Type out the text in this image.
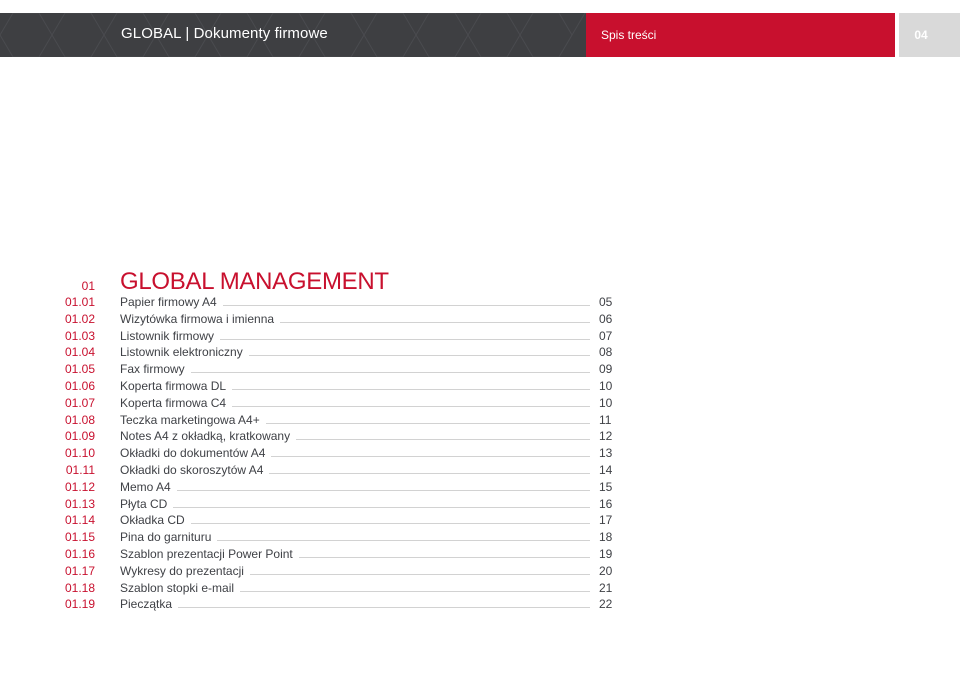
GLOBAL | Dokumenty firmowe	Spis treści	04
01 GLOBAL MANAGEMENT
01.01 Papier firmowy A4	05
01.02 Wizytówka firmowa i imienna	06
01.03 Listownik firmowy	07
01.04 Listownik elektroniczny	08
01.05 Fax firmowy	09
01.06 Koperta firmowa DL	10
01.07 Koperta firmowa C4	10
01.08 Teczka marketingowa A4+	11
01.09 Notes A4 z okładką, kratkowany	12
01.10 Okładki do dokumentów A4	13
01.11 Okładki do skoroszytów A4	14
01.12 Memo A4	15
01.13 Płyta CD	16
01.14 Okładka CD	17
01.15 Pina do garnituru	18
01.16 Szablon prezentacji Power Point	19
01.17 Wykresy do prezentacji	20
01.18 Szablon stopki e-mail	21
01.19 Pieczątka	22
